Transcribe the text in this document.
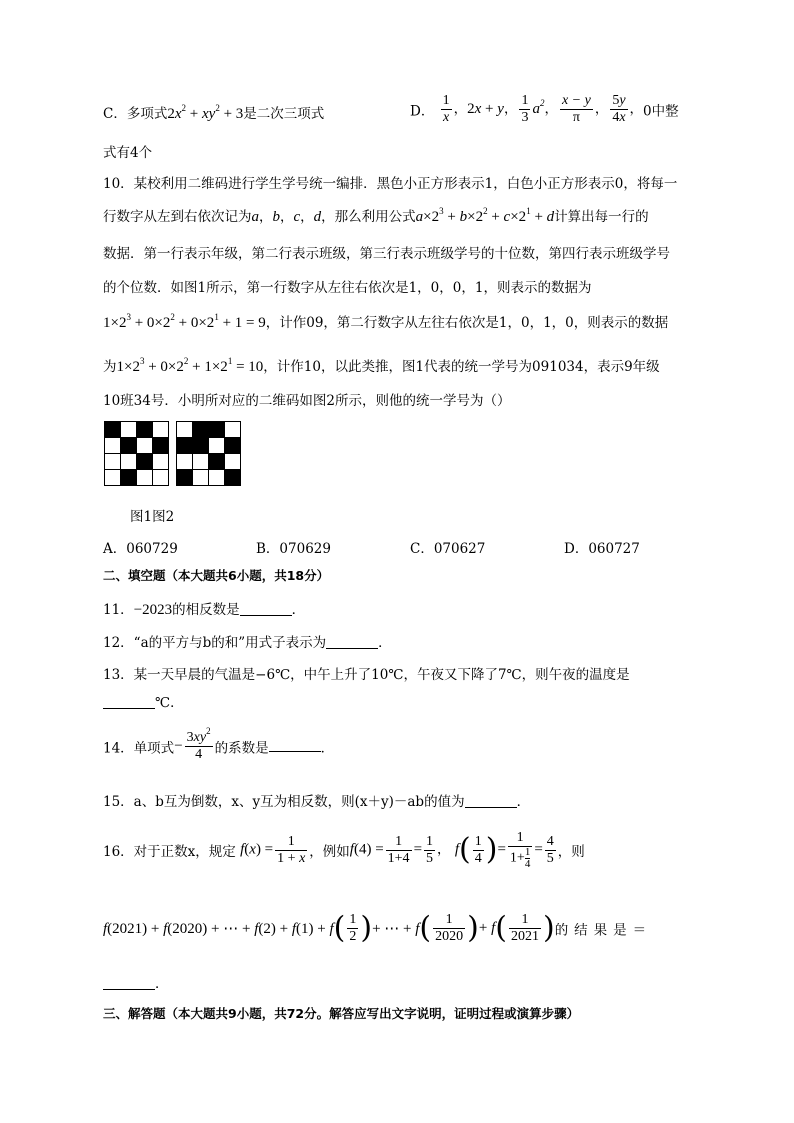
C．多项式$2x^2 + xy^2 + 3$是二次三项式	D． $\frac{1}{x}$ ，2x + y， $\frac{1}{3} a^2$， $\frac{x - y}{\pi}$ ， $\frac{5y}{4x}$ ，0中整
式有4个
10．某校利用二维码进行学生学号统一编排．黑色小正方形表示1，白色小正方形表示0，将每一
行数字从左到右依次记为a，b，c，d，那么利用公式$a\times 2^3 + b\times 2^2 + c\times 2^1 + d$计算出每一行的
数据．第一行表示年级，第二行表示班级，第三行表示班级学号的十位数，第四行表示班级学号
的个位数．如图1所示，第一行数字从左往右依次是1，0，0，1，则表示的数据为
$1\times 2^3 + 0\times 2^2 + 0\times 2^1 + 1 = 9$，计作09，第二行数字从左往右依次是1，0，1，0，则表示的数据
为$1\times 2^3 + 0\times 2^2 + 1\times 2^1 = 10$，计作10，以此类推，图1代表的统一学号为091034，表示9年级
10班34号．小明所对应的二维码如图2所示，则他的统一学号为（）

图1图2
A．060729	B．070629	C．070627	D．060727
二、填空题（本大题共6小题，共18分）
11．−2023的相反数是	．
12．“a的平方与b的和”用式子表示为	．
13．某一天早晨的气温是−6℃，中午上升了10℃，午夜又下降了7℃，则午夜的温度是
℃．
14．单项式− $\frac{3xy^2}{4}$ 的系数是	．
15．a、b互为倒数，x、y互为相反数，则(x＋y)－ab的值为	．
16．对于正数x，规定 $f(x) = \frac{1}{1 + x}$ ，例如$f(4) = \frac{1}{1+4} = \frac{1}{5}$ ， $f( \frac{1}{4}$ )= $\frac{1}{1+ \frac{1}{4}} = \frac{4}{5}$ ，则
f(2021) + f(2020) + ⋯ + $f(2) + f(1) + f( \frac{1}{2}$ )+ ⋯ + $f( \frac{1}{2020}$ )+ $f( \frac{1}{2021}$ )的结果是＝
．
三、解答题（本大题共9小题，共72分。解答应写出文字说明，证明过程或演算步骤）
